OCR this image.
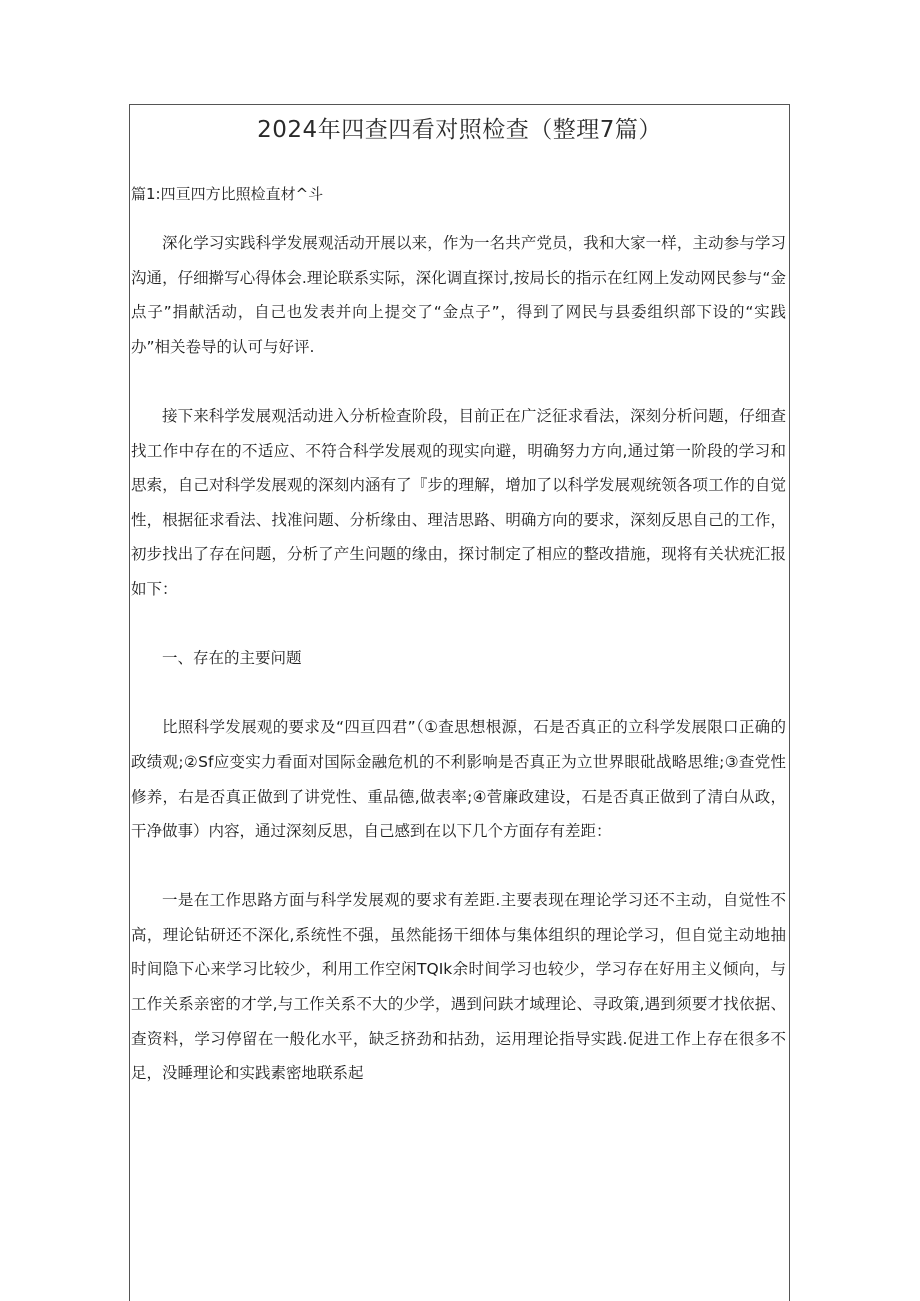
2024年四查四看对照检查（整理7篇）
篇1:四亘四方比照检直材^斗

深化学习实践科学发展观活动开展以来，作为一名共产党员，我和大家一样，主动参与学习沟通，仔细擀写心得体会.理论联系实际，深化调直探讨,按局长的指示在红网上发动网民参与“金点子”捐献活动，自己也发表并向上提交了“金点子”，得到了网民与县委组织部下设的“实践办”相关卷导的认可与好评.

接下来科学发展观活动进入分析检查阶段，目前正在广泛征求看法，深刻分析问题，仔细查找工作中存在的不适应、不符合科学发展观的现实向避，明确努力方向,通过第一阶段的学习和思索，自己对科学发展观的深刻内涵有了『步的理解，增加了以科学发展观统领各项工作的自觉性，根据征求看法、找准问题、分析缘由、理洁思路、明确方向的要求，深刻反思自己的工作，初步找出了存在问题，分析了产生问题的缘由，探讨制定了相应的整改措施，现将有关状疣汇报如下：

一、存在的主要问题

比照科学发展观的要求及“四亘四君”（①查思想根源，石是否真正的立科学发展限口正确的政绩观;②Sf应变实力看面对国际金融危机的不利影响是否真正为立世界眼砒战略思维;③查党性修养，右是否真正做到了讲党性、重品德,做表率;④菅廉政建设，石是否真正做到了清白从政，干净做事）内容，通过深刻反思，自己感到在以下几个方面存有差距：

一是在工作思路方面与科学发展观的要求有差距.主要表现在理论学习还不主动，自觉性不高，理论钻研还不深化,系统性不强，虽然能扬干细体与集体组织的理论学习，但自觉主动地抽时间隐下心来学习比较少，利用工作空闲TQIk余时间学习也较少，学习存在好用主义倾向，与工作关系亲密的才学,与工作关系不大的少学，遇到问趺才域理论、寻政策,遇到须要才找依据、查资料，学习停留在一般化水平，缺乏挤劲和拈劲，运用理论指导实践.促进工作上存在很多不足，没睡理论和实践素密地联系起
